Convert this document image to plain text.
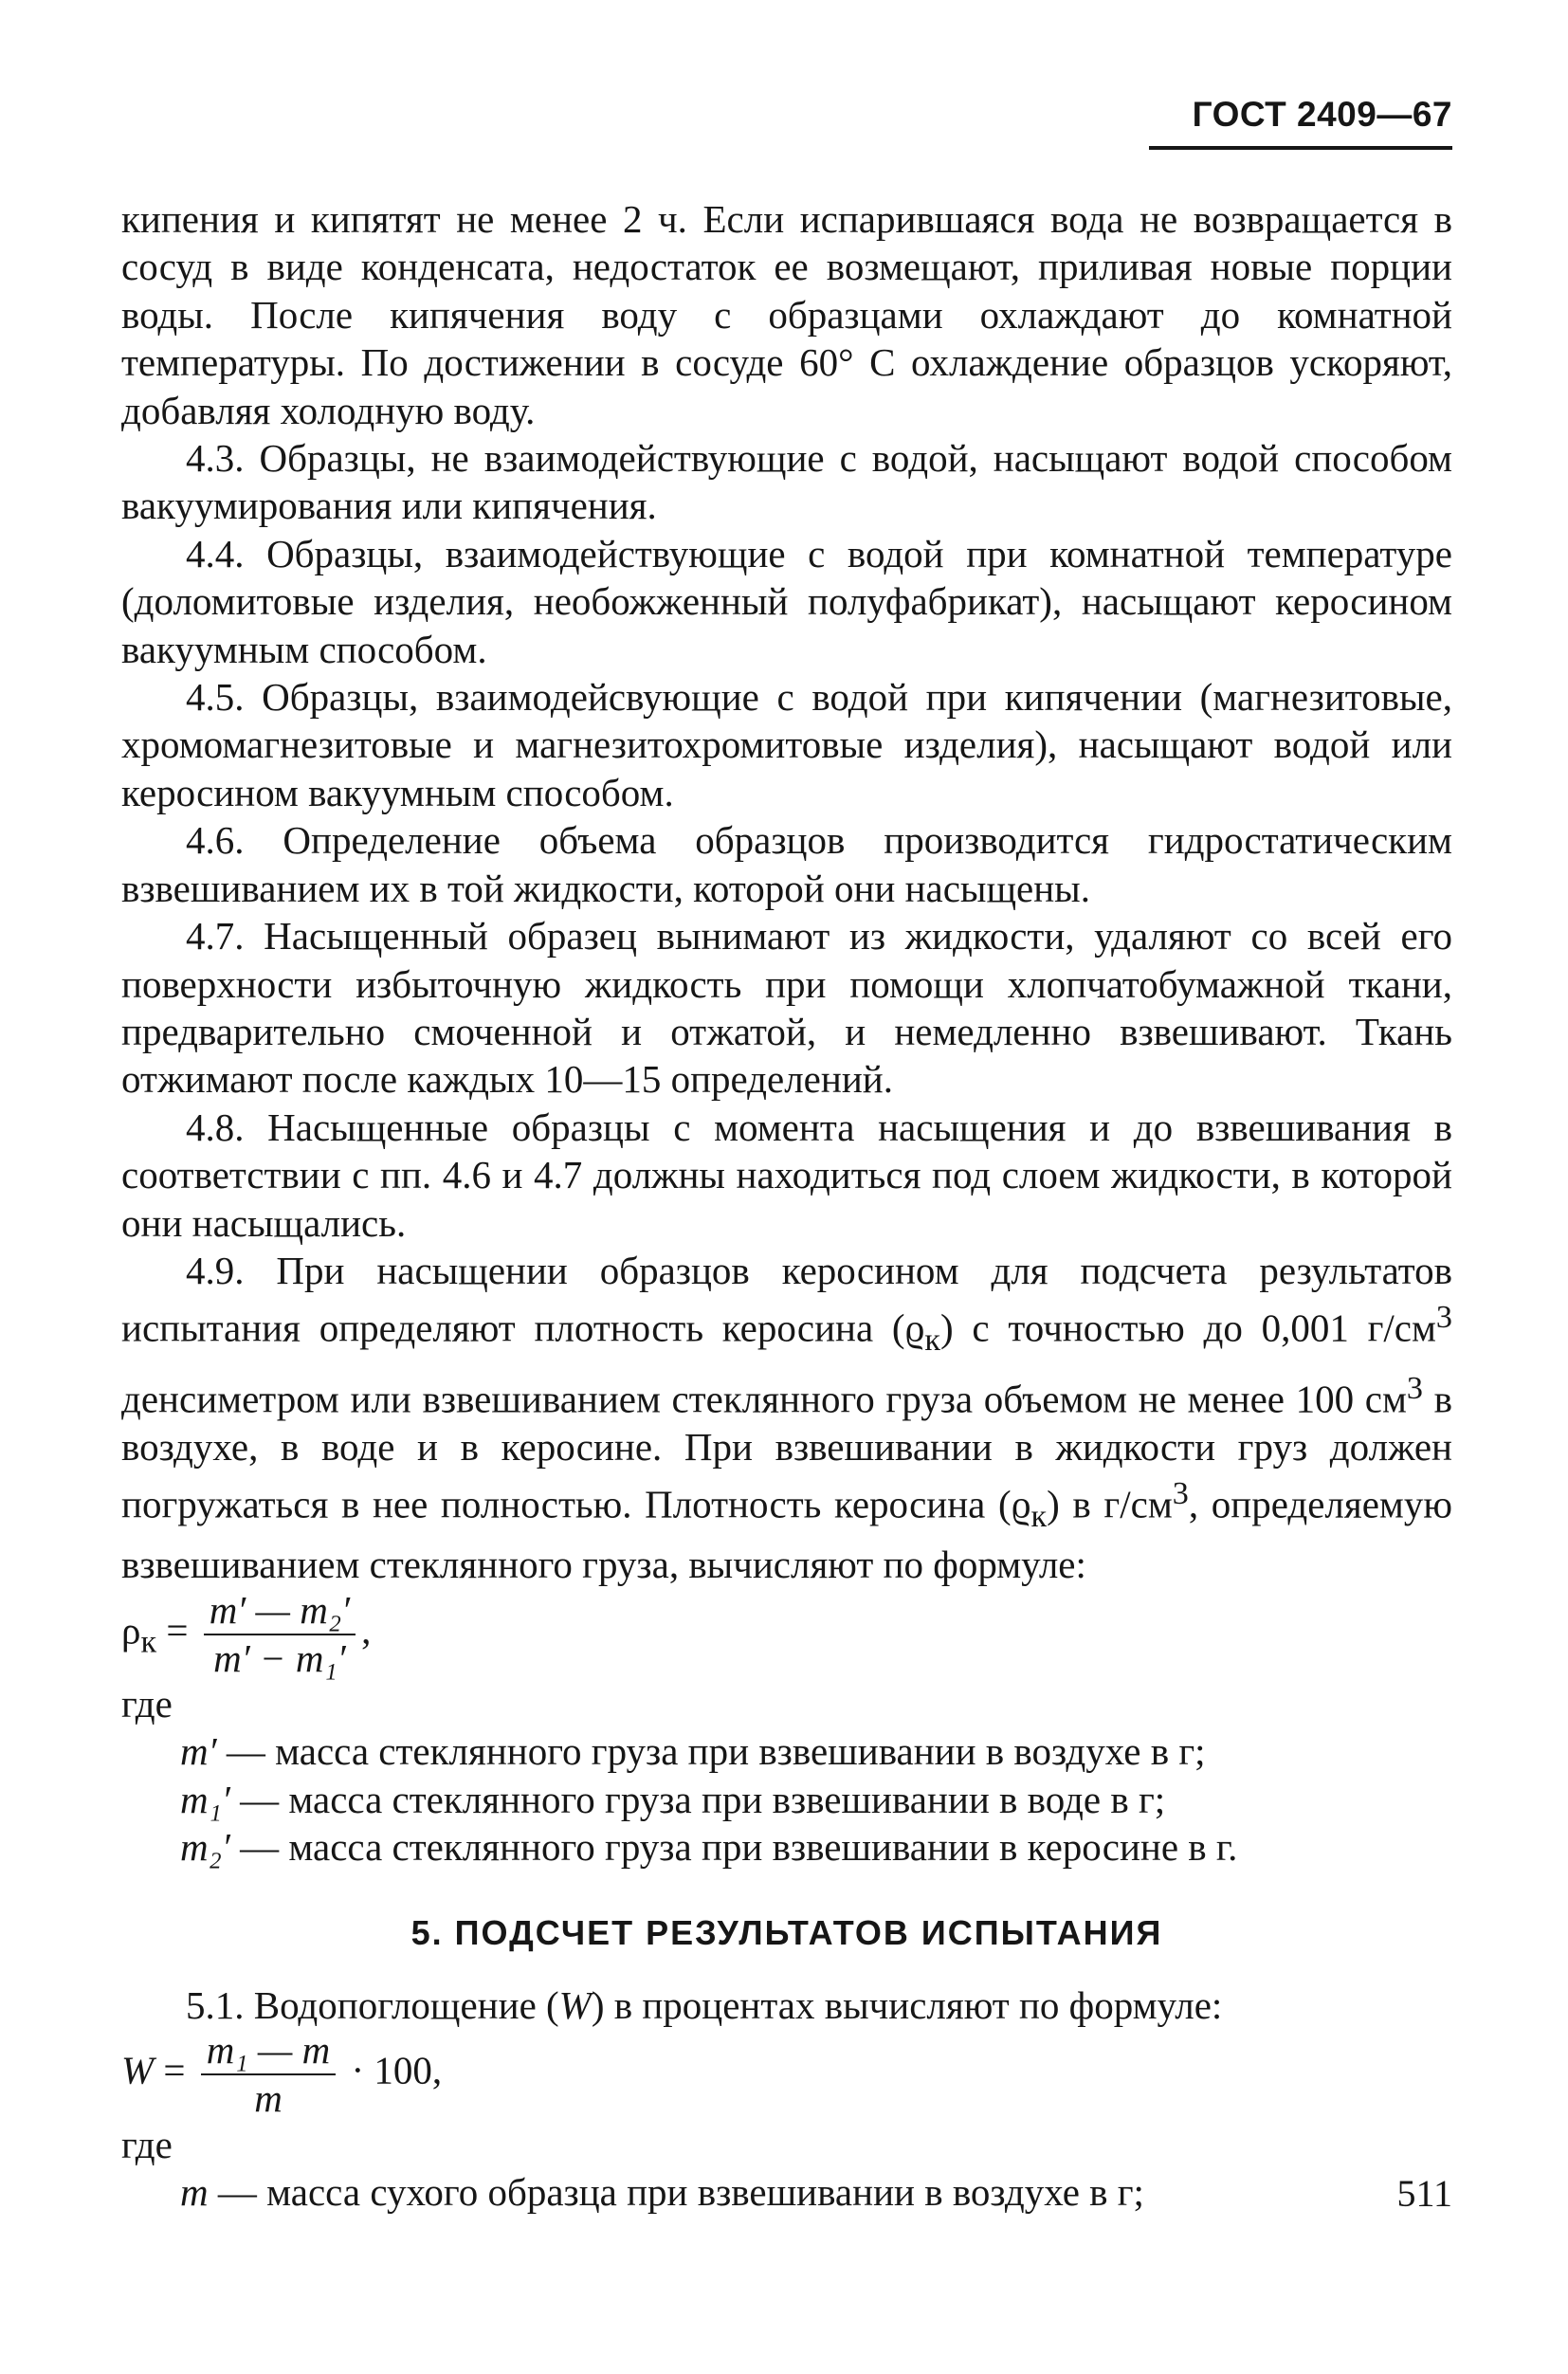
ГОСТ 2409—67

кипения и кипятят не менее 2 ч. Если испарившаяся вода не возвращается в сосуд в виде конденсата, недостаток ее возмещают, приливая новые порции воды. После кипячения воду с образцами охлаждают до комнатной температуры. По достижении в сосуде 60° С охлаждение образцов ускоряют, добавляя холодную воду.

4.3. Образцы, не взаимодействующие с водой, насыщают водой способом вакуумирования или кипячения.

4.4. Образцы, взаимодействующие с водой при комнатной температуре (доломитовые изделия, необожженный полуфабрикат), насыщают керосином вакуумным способом.

4.5. Образцы, взаимодейсвующие с водой при кипячении (магнезитовые, хромомагнезитовые и магнезитохромитовые изделия), насыщают водой или керосином вакуумным способом.

4.6. Определение объема образцов производится гидростатическим взвешиванием их в той жидкости, которой они насыщены.

4.7. Насыщенный образец вынимают из жидкости, удаляют со всей его поверхности избыточную жидкость при помощи хлопчатобумажной ткани, предварительно смоченной и отжатой, и немедленно взвешивают. Ткань отжимают после каждых 10—15 определений.

4.8. Насыщенные образцы с момента насыщения и до взвешивания в соответствии с пп. 4.6 и 4.7 должны находиться под слоем жидкости, в которой они насыщались.

4.9. При насыщении образцов керосином для подсчета результатов испытания определяют плотность керосина $(ϱ_к)$ с точностью до 0,001 $г/см^3$ денсиметром или взвешиванием стеклянного груза объемом не менее 100 $см^3$ в воздухе, в воде и в керосине. При взвешивании в жидкости груз должен погружаться в нее полностью. Плотность керосина $(ϱ_к)$ в $г/см^3$, определяемую взвешиванием стеклянного груза, вычисляют по формуле:

$\rho_к = \frac{\text{m′ — m₂′}}{\text{m′ − m₁′}}$ ,

где

m′ — масса стеклянного груза при взвешивании в воздухе в г;

m₁′ — масса стеклянного груза при взвешивании в воде в г;

m₂′ — масса стеклянного груза при взвешивании в керосине в г.

5. ПОДСЧЕТ РЕЗУЛЬТАТОВ ИСПЫТАНИЯ

5.1. Водопоглощение (W) в процентах вычисляют по формуле:

$W = \frac{\text{m₁ — m}}{m} \cdot 100$,

где

m — масса сухого образца при взвешивании в воздухе в г;	511
